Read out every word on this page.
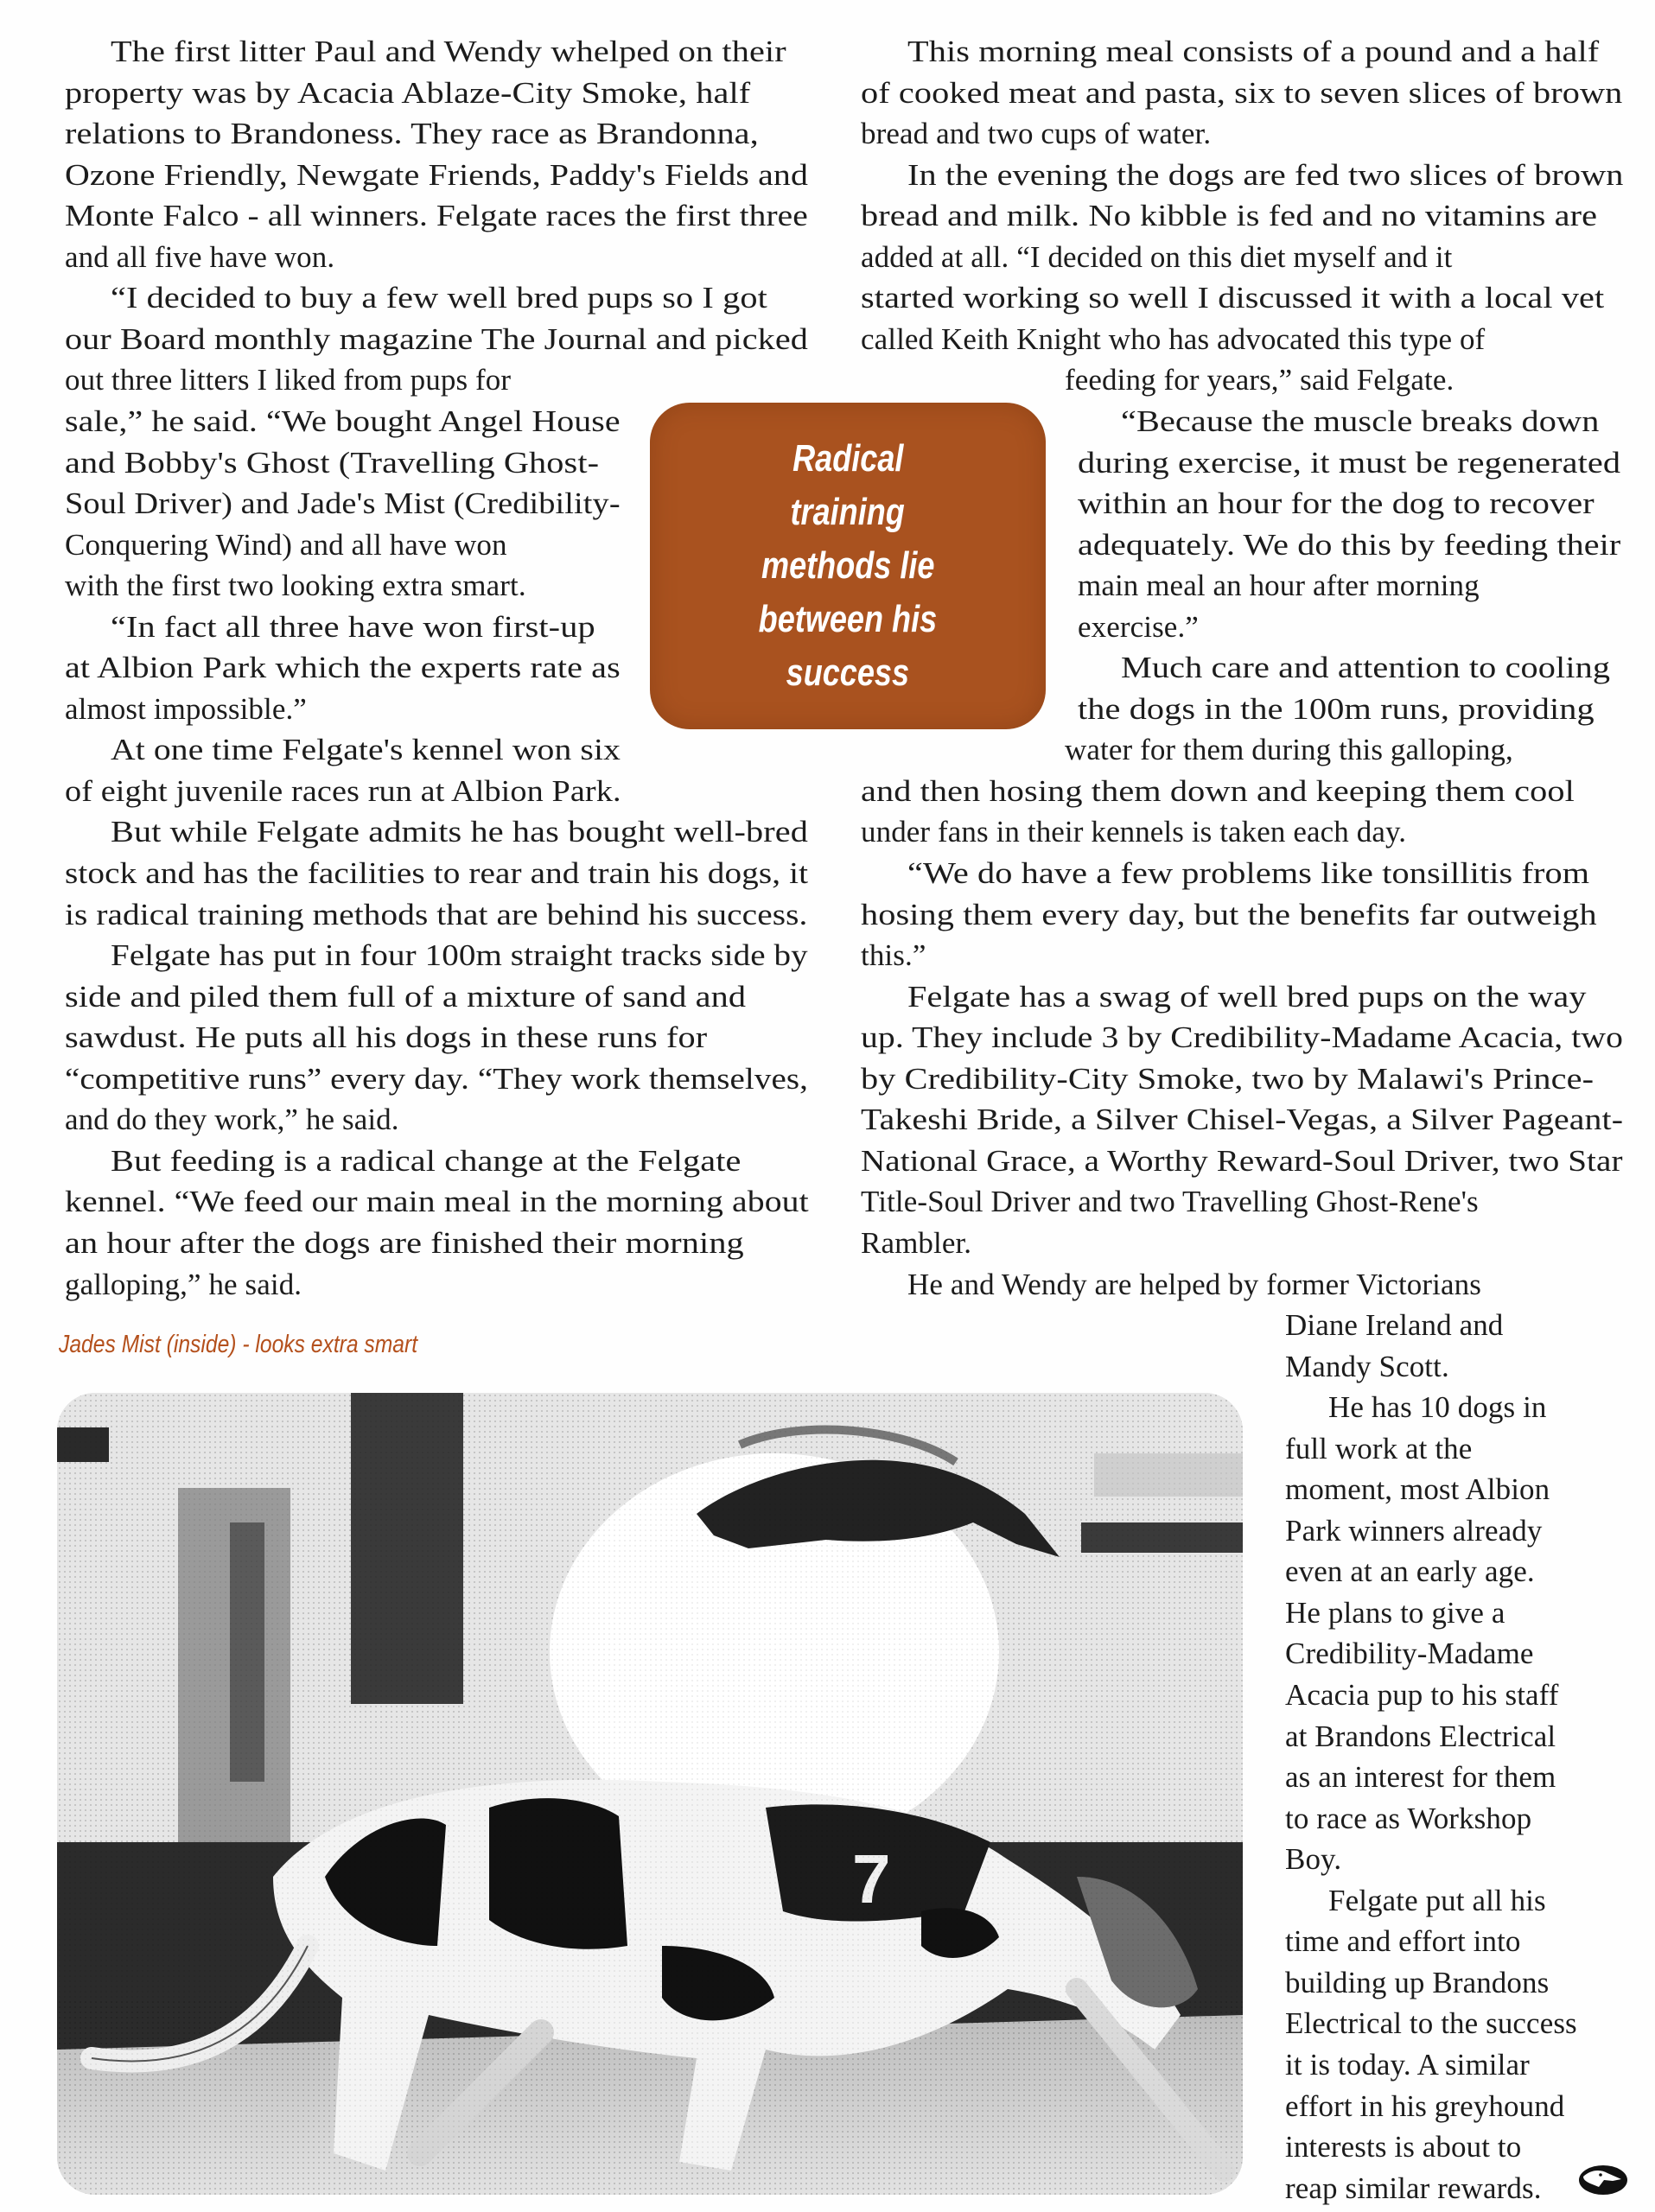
The first litter Paul and Wendy whelped on their
property was by Acacia Ablaze-City Smoke, half
relations to Brandoness. They race as Brandonna,
Ozone Friendly, Newgate Friends, Paddy's Fields and
Monte Falco - all winners. Felgate races the first three
and all five have won.
“I decided to buy a few well bred pups so I got
our Board monthly magazine The Journal and picked
out three litters I liked from pups for
sale,” he said. “We bought Angel House
and Bobby's Ghost (Travelling Ghost-
Soul Driver) and Jade's Mist (Credibility-
Conquering Wind) and all have won
with the first two looking extra smart.
“In fact all three have won first-up
at Albion Park which the experts rate as
almost impossible.”
At one time Felgate's kennel won six
of eight juvenile races run at Albion Park.
But while Felgate admits he has bought well-bred
stock and has the facilities to rear and train his dogs, it
is radical training methods that are behind his success.
Felgate has put in four 100m straight tracks side by
side and piled them full of a mixture of sand and
sawdust. He puts all his dogs in these runs for
“competitive runs” every day. “They work themselves,
and do they work,” he said.
But feeding is a radical change at the Felgate
kennel. “We feed our main meal in the morning about
an hour after the dogs are finished their morning
galloping,” he said.
This morning meal consists of a pound and a half
of cooked meat and pasta, six to seven slices of brown
bread and two cups of water.
In the evening the dogs are fed two slices of brown
bread and milk. No kibble is fed and no vitamins are
added at all. “I decided on this diet myself and it
started working so well I discussed it with a local vet
called Keith Knight who has advocated this type of
feeding for years,” said Felgate.
“Because the muscle breaks down
during exercise, it must be regenerated
within an hour for the dog to recover
adequately. We do this by feeding their
main meal an hour after morning
exercise.”
Much care and attention to cooling
the dogs in the 100m runs, providing
water for them during this galloping,
and then hosing them down and keeping them cool
under fans in their kennels is taken each day.
“We do have a few problems like tonsillitis from
hosing them every day, but the benefits far outweigh
this.”
Felgate has a swag of well bred pups on the way
up. They include 3 by Credibility-Madame Acacia, two
by Credibility-City Smoke, two by Malawi's Prince-
Takeshi Bride, a Silver Chisel-Vegas, a Silver Pageant-
National Grace, a Worthy Reward-Soul Driver, two Star
Title-Soul Driver and two Travelling Ghost-Rene's
Rambler.
He and Wendy are helped by former Victorians
Diane Ireland and
Mandy Scott.
He has 10 dogs in
full work at the
moment, most Albion
Park winners already
even at an early age.
He plans to give a
Credibility-Madame
Acacia pup to his staff
at Brandons Electrical
as an interest for them
to race as Workshop
Boy.
Felgate put all his
time and effort into
building up Brandons
Electrical to the success
it is today. A similar
effort in his greyhound
interests is about to
reap similar rewards.
Radical
training
methods lie
between his
success
Jades Mist (inside) - looks extra smart
